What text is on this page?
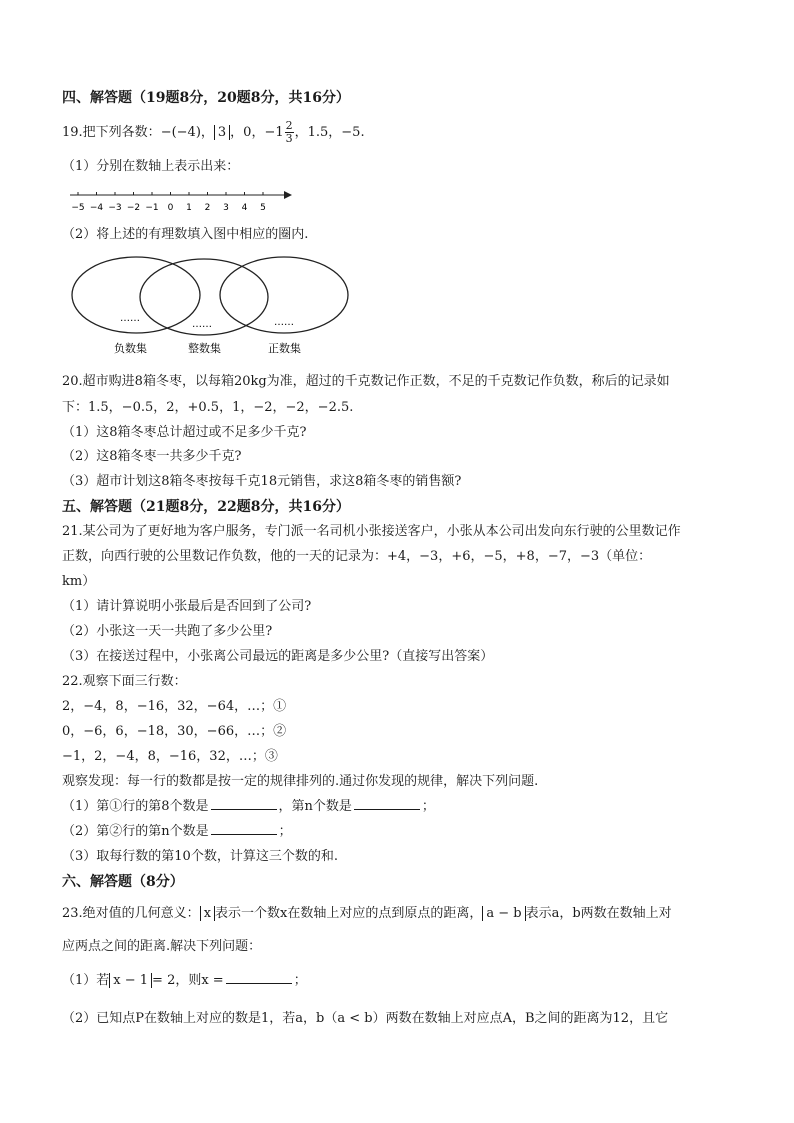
四、解答题（19题8分，20题8分，共16分）
19.把下列各数：−(−4)， 3 ，0，$-1 \frac{2}{3}$ ，1.5，−5.
（1）分别在数轴上表示出来：
−5 −4 −3 −2 −1 0 1 2 3 4 5
（2）将上述的有理数填入图中相应的圈内.
……
……	……
负数集	整数集	正数集
20.超市购进8箱冬枣，以每箱20kg为准，超过的千克数记作正数，不足的千克数记作负数，称后的记录如
下：1.5，−0.5，2，+0.5，1，−2，−2，−2.5.
（1）这8箱冬枣总计超过或不足多少千克?
（2）这8箱冬枣一共多少千克?
（3）超市计划这8箱冬枣按每千克18元销售，求这8箱冬枣的销售额?
五、解答题（21题8分，22题8分，共16分）
21.某公司为了更好地为客户服务，专门派一名司机小张接送客户，小张从本公司出发向东行驶的公里数记作
正数，向西行驶的公里数记作负数，他的一天的记录为：+4，−3，+6，−5，+8，−7，−3（单位：
km）
（1）请计算说明小张最后是否回到了公司?
（2）小张这一天一共跑了多少公里?
（3）在接送过程中，小张离公司最远的距离是多少公里?（直接写出答案）
22.观察下面三行数：
2，−4，8，−16，32，−64，…；①
0，−6，6，−18，30，−66，…；②
−1，2，−4，8，−16，32，…；③
观察发现：每一行的数都是按一定的规律排列的.通过你发现的规律，解决下列问题.
（1）第①行的第8个数是	，第n个数是	；
（2）第②行的第n个数是	；
（3）取每行数的第10个数，计算这三个数的和.
六、解答题（8分）
23.绝对值的几何意义： x 表示一个数x在数轴上对应的点到原点的距离， a − b 表示a，b两数在数轴上对
应两点之间的距离.解决下列问题：
（1）若 x − 1 = 2，则x =	；
（2）已知点P在数轴上对应的数是1，若a，b（a < b）两数在数轴上对应点A，B之间的距离为12，且它
